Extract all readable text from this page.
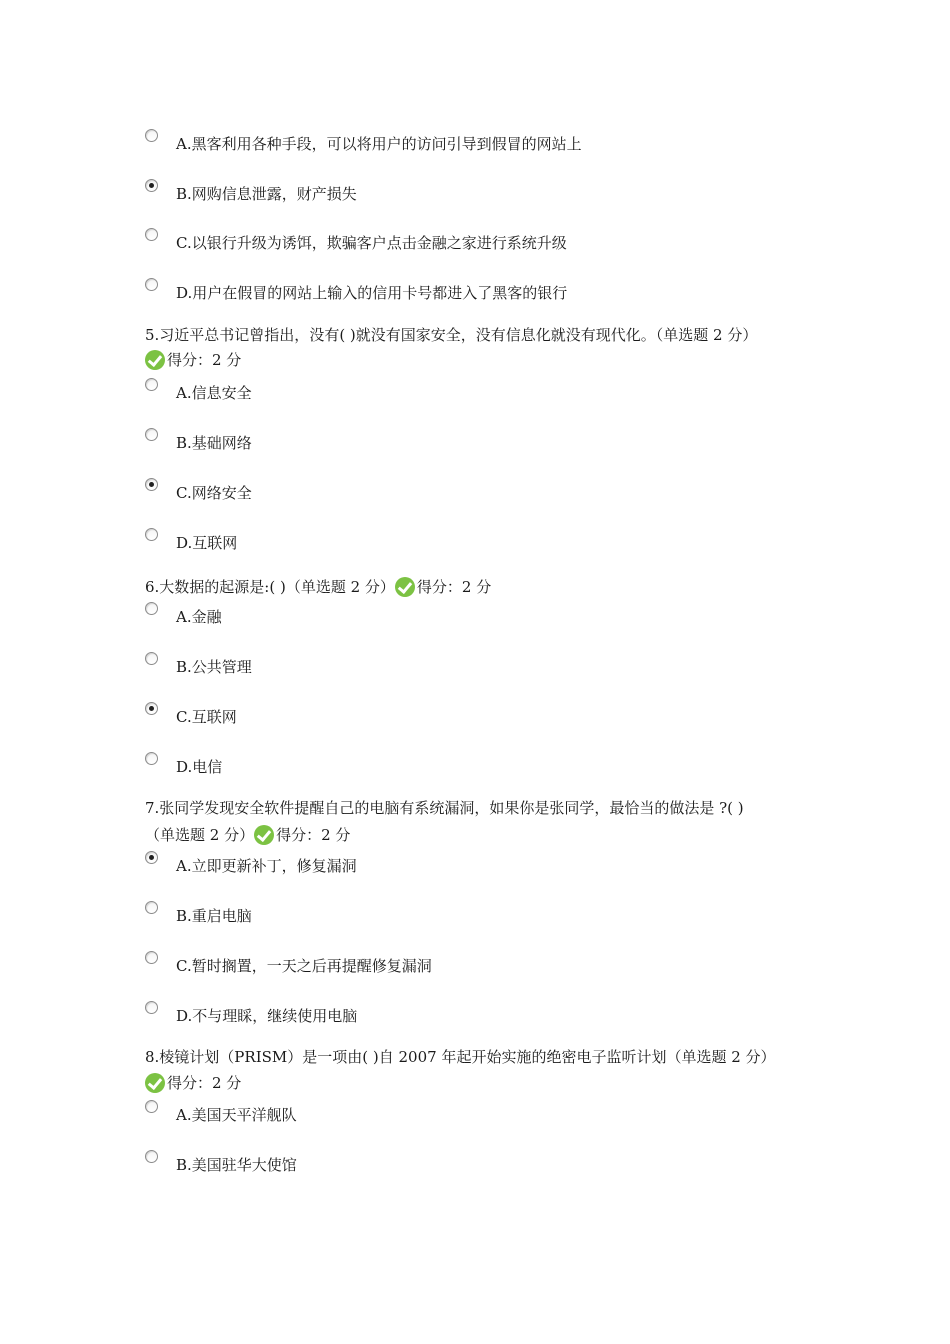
A.黑客利用各种手段，可以将用户的访问引导到假冒的网站上
B.网购信息泄露，财产损失
C.以银行升级为诱饵，欺骗客户点击金融之家进行系统升级
D.用户在假冒的网站上输入的信用卡号都进入了黑客的银行
5.习近平总书记曾指出，没有( )就没有国家安全，没有信息化就没有现代化。（单选题 2 分）
得分：2 分
A.信息安全
B.基础网络
C.网络安全
D.互联网
6.大数据的起源是:( )（单选题 2 分） 得分：2 分
A.金融
B.公共管理
C.互联网
D.电信
7.张同学发现安全软件提醒自己的电脑有系统漏洞，如果你是张同学，最恰当的做法是 ?( )
（单选题 2 分） 得分：2 分
A.立即更新补丁，修复漏洞
B.重启电脑
C.暂时搁置，一天之后再提醒修复漏洞
D.不与理睬，继续使用电脑
8.棱镜计划（PRISM）是一项由( )自 2007 年起开始实施的绝密电子监听计划（单选题 2 分）
得分：2 分
A.美国天平洋舰队
B.美国驻华大使馆
